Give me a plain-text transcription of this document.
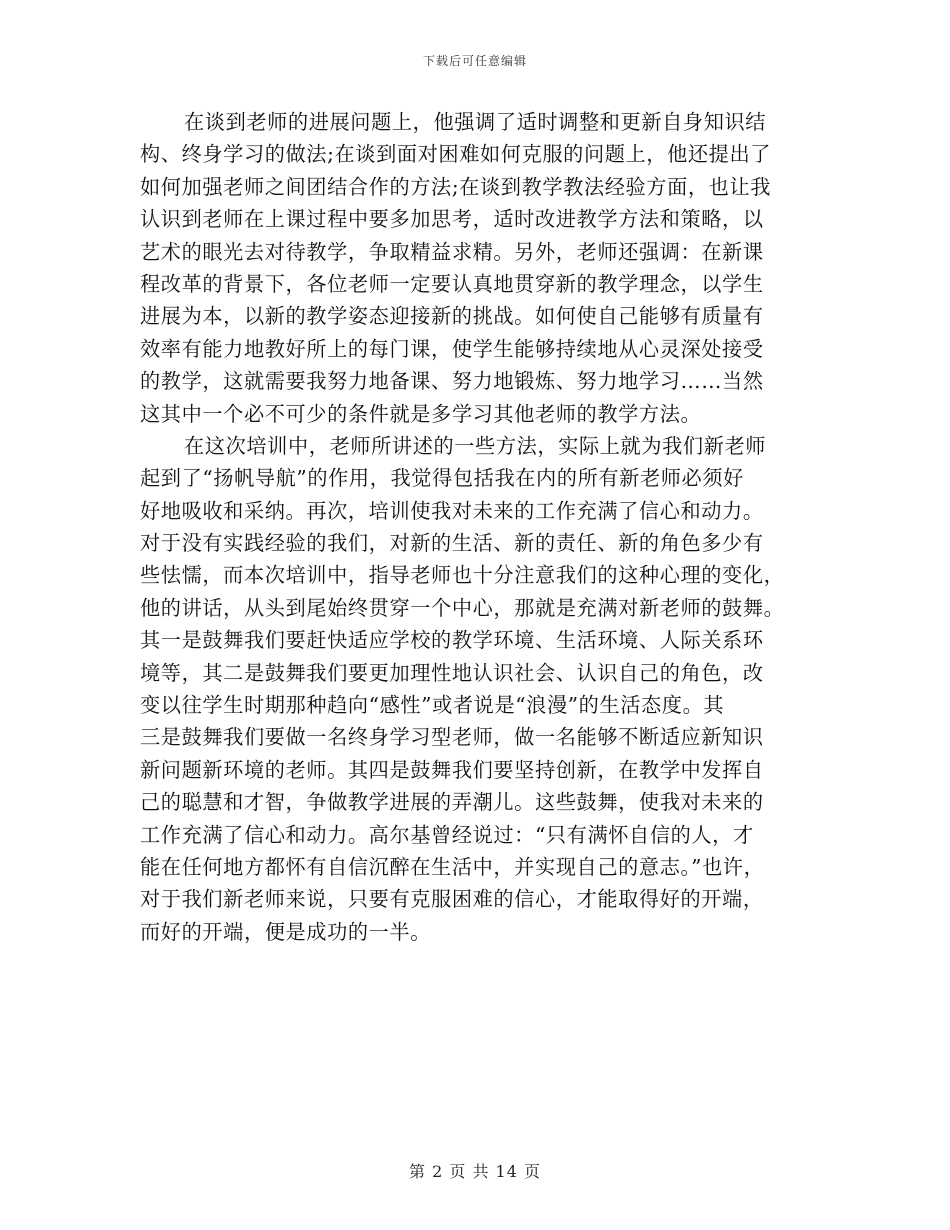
下载后可任意编辑
在谈到老师的进展问题上，他强调了适时调整和更新自身知识结
构、终身学习的做法;在谈到面对困难如何克服的问题上，他还提出了
如何加强老师之间团结合作的方法;在谈到教学教法经验方面，也让我
认识到老师在上课过程中要多加思考，适时改进教学方法和策略，以
艺术的眼光去对待教学，争取精益求精。另外，老师还强调：在新课
程改革的背景下，各位老师一定要认真地贯穿新的教学理念，以学生
进展为本，以新的教学姿态迎接新的挑战。如何使自己能够有质量有
效率有能力地教好所上的每门课，使学生能够持续地从心灵深处接受
的教学，这就需要我努力地备课、努力地锻炼、努力地学习……当然
这其中一个必不可少的条件就是多学习其他老师的教学方法。
在这次培训中，老师所讲述的一些方法，实际上就为我们新老师
起到了“扬帆导航”的作用，我觉得包括我在内的所有新老师必须好
好地吸收和采纳。再次，培训使我对未来的工作充满了信心和动力。
对于没有实践经验的我们，对新的生活、新的责任、新的角色多少有
些怯懦，而本次培训中，指导老师也十分注意我们的这种心理的变化，
他的讲话，从头到尾始终贯穿一个中心，那就是充满对新老师的鼓舞。
其一是鼓舞我们要赶快适应学校的教学环境、生活环境、人际关系环
境等，其二是鼓舞我们要更加理性地认识社会、认识自己的角色，改
变以往学生时期那种趋向“感性”或者说是“浪漫”的生活态度。其
三是鼓舞我们要做一名终身学习型老师，做一名能够不断适应新知识
新问题新环境的老师。其四是鼓舞我们要坚持创新，在教学中发挥自
己的聪慧和才智，争做教学进展的弄潮儿。这些鼓舞，使我对未来的
工作充满了信心和动力。高尔基曾经说过：“只有满怀自信的人，才
能在任何地方都怀有自信沉醉在生活中，并实现自己的意志。”也许，
对于我们新老师来说，只要有克服困难的信心，才能取得好的开端，
而好的开端，便是成功的一半。
第 2 页 共 14 页
